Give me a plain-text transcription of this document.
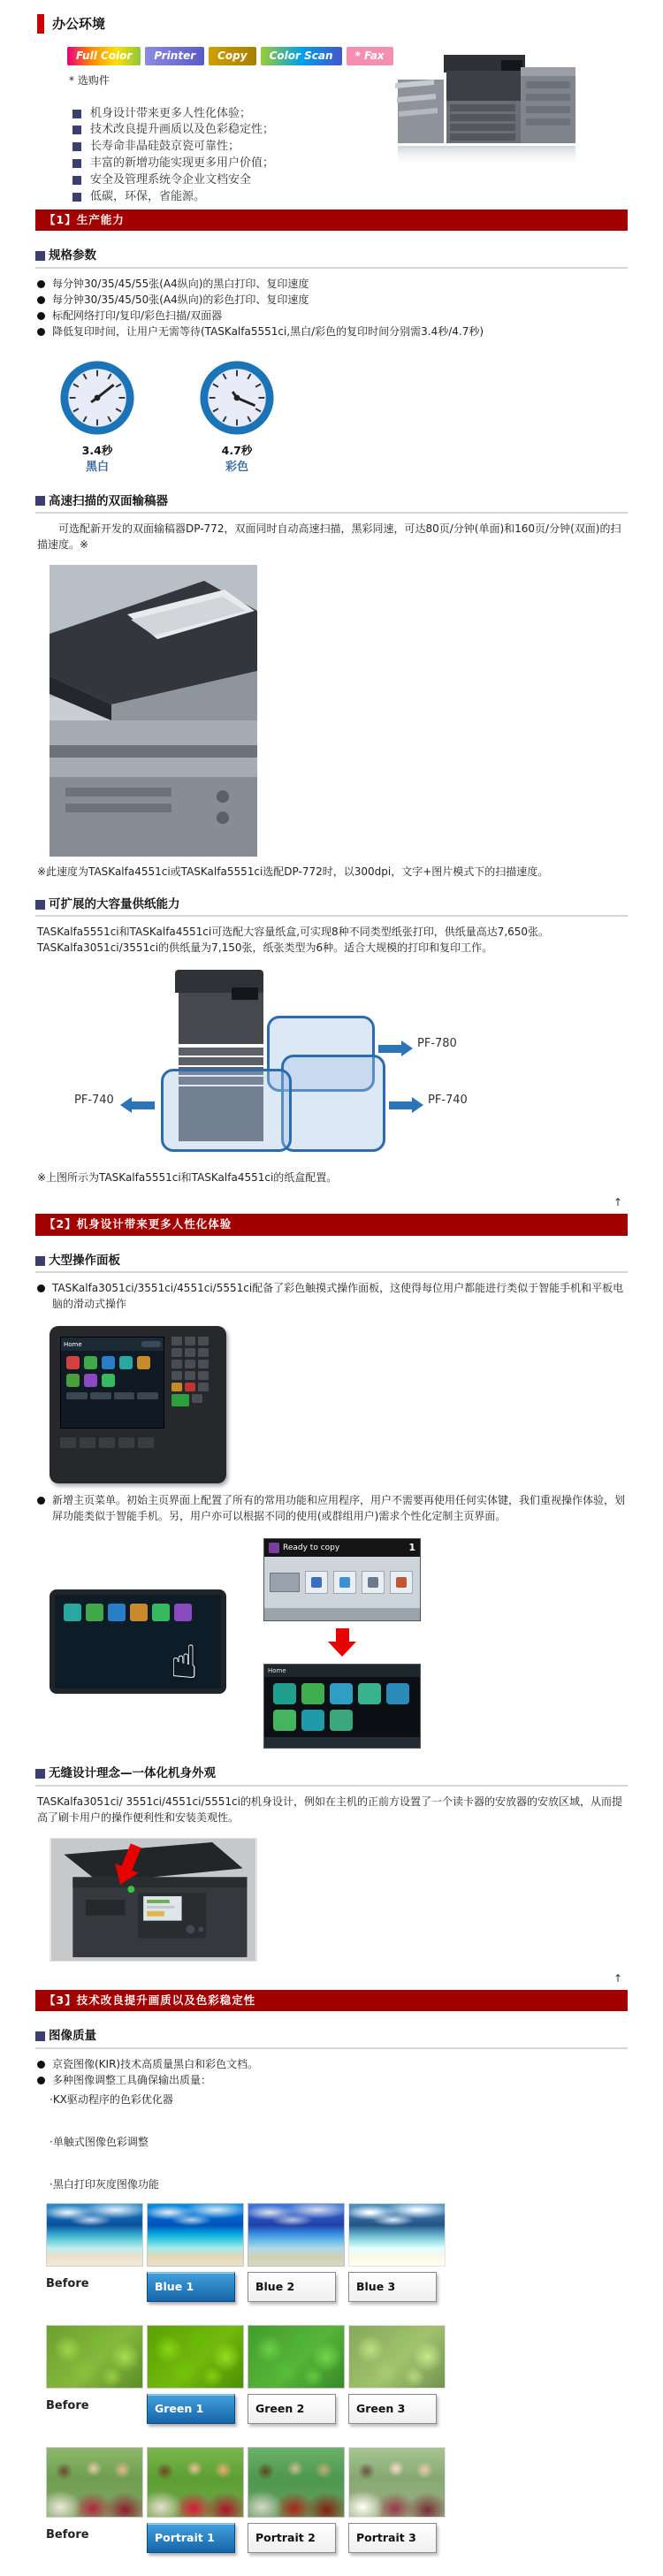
办公环境
Full Color	Printer	Copy	Color Scan	* Fax
* 选购件
机身设计带来更多人性化体验；
技术改良提升画质以及色彩稳定性；
长寿命非晶硅鼓京瓷可靠性；
丰富的新增功能实现更多用户价值；
安全及管理系统令企业文档安全
低碳，环保，省能源。
【1】生产能力
规格参数
每分钟30/35/45/55张(A4纵向)的黑白打印、复印速度
每分钟30/35/45/50张(A4纵向)的彩色打印、复印速度
标配网络打印/复印/彩色扫描/双面器
降低复印时间，让用户无需等待(TASKalfa5551ci,黑白/彩色的复印时间分别需3.4秒/4.7秒)
3.4秒
黑白
4.7秒
彩色
高速扫描的双面输稿器
可选配新开发的双面输稿器DP-772，双面同时自动高速扫描，黑彩同速，可达80页/分钟(单面)和160页/分钟(双面)的扫描速度。※
※此速度为TASKalfa4551ci或TASKalfa5551ci选配DP-772时，以300dpi，文字+图片模式下的扫描速度。
可扩展的大容量供纸能力
TASKalfa5551ci和TASKalfa4551ci可选配大容量纸盒,可实现8种不同类型纸张打印，供纸量高达7,650张。TASKalfa3051ci/3551ci的供纸量为7,150张，纸张类型为6种。适合大规模的打印和复印工作。
PF-780
PF-740
PF-740
※上图所示为TASKalfa5551ci和TASKalfa4551ci的纸盒配置。
↑
【2】机身设计带来更多人性化体验
大型操作面板
TASKalfa3051ci/3551ci/4551ci/5551ci配备了彩色触摸式操作面板，这使得每位用户都能进行类似于智能手机和平板电脑的滑动式操作
Home
新增主页菜单。初始主页界面上配置了所有的常用功能和应用程序，用户不需要再使用任何实体键，我们重视操作体验，划屏功能类似于智能手机。另，用户亦可以根据不同的使用(或群组用户)需求个性化定制主页界面。
☝
Ready to copy	1
Home
无缝设计理念—一体化机身外观
TASKalfa3051ci/ 3551ci/4551ci/5551ci的机身设计，例如在主机的正前方设置了一个读卡器的安放器的安放区域，从而提高了刷卡用户的操作便利性和安装美观性。
↑
【3】技术改良提升画质以及色彩稳定性
图像质量
京瓷图像(KIR)技术高质量黑白和彩色文档。
多种图像调整工具确保输出质量：
·KX驱动程序的色彩优化器
·单触式图像色彩调整
·黑白打印灰度图像功能
Before	Blue 1	Blue 2	Blue 3
Before	Green 1	Green 2	Green 3
Before	Portrait 1	Portrait 2	Portrait 3
